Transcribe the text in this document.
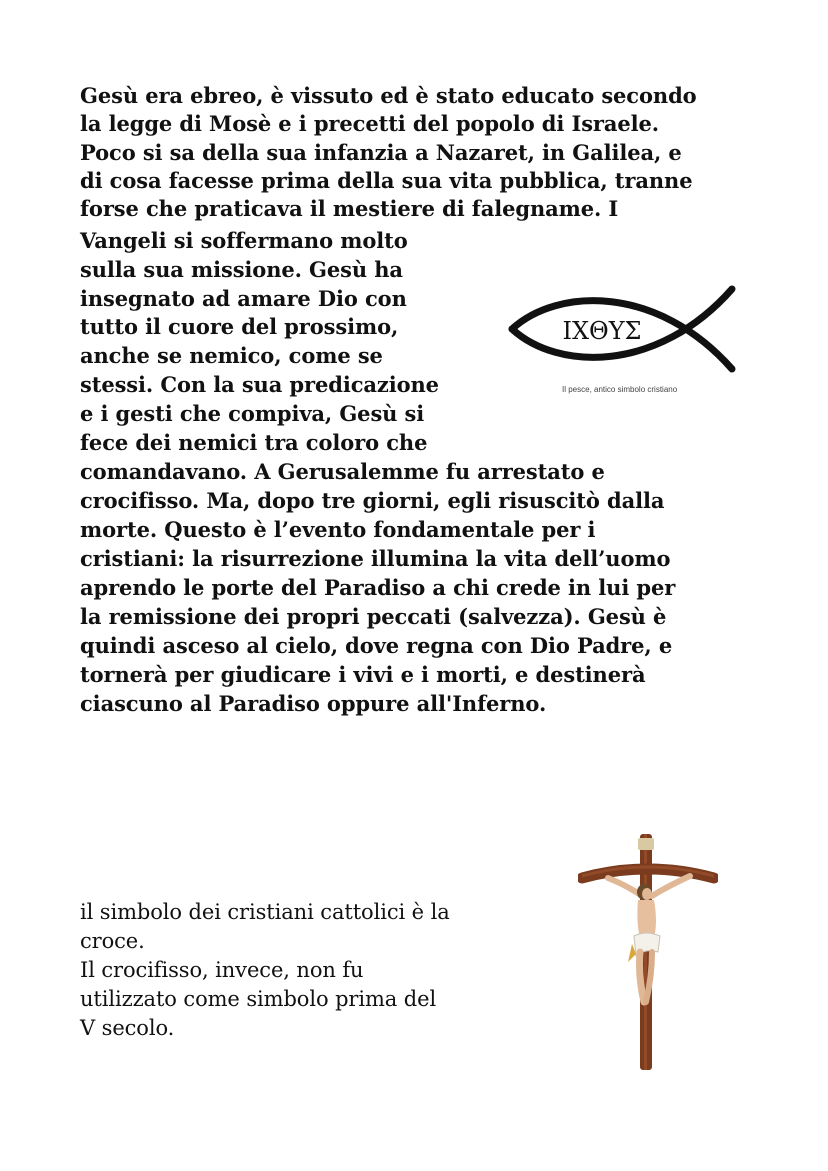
Gesù era ebreo, è vissuto ed è stato educato secondo
la legge di Mosè e i precetti del popolo di Israele.
Poco si sa della sua infanzia a Nazaret, in Galilea, e
di cosa facesse prima della sua vita pubblica, tranne
forse che praticava il mestiere di falegname. I
Vangeli si soffermano molto
sulla sua missione. Gesù ha
insegnato ad amare Dio con
tutto il cuore del prossimo,
anche se nemico, come se
stessi. Con la sua predicazione
e i gesti che compiva, Gesù si
fece dei nemici tra coloro che
comandavano. A Gerusalemme fu arrestato e
crocifisso. Ma, dopo tre giorni, egli risuscitò dalla
morte. Questo è l’evento fondamentale per i
cristiani: la risurrezione illumina la vita dell’uomo
aprendo le porte del Paradiso a chi crede in lui per
la remissione dei propri peccati (salvezza). Gesù è
quindi asceso al cielo, dove regna con Dio Padre, e
tornerà per giudicare i vivi e i morti, e destinerà
ciascuno al Paradiso oppure all'Inferno.
ΙΧΘΥΣ
Il pesce, antico simbolo cristiano
il simbolo dei cristiani cattolici è la
croce.
Il crocifisso, invece, non fu
utilizzato come simbolo prima del
V secolo.
